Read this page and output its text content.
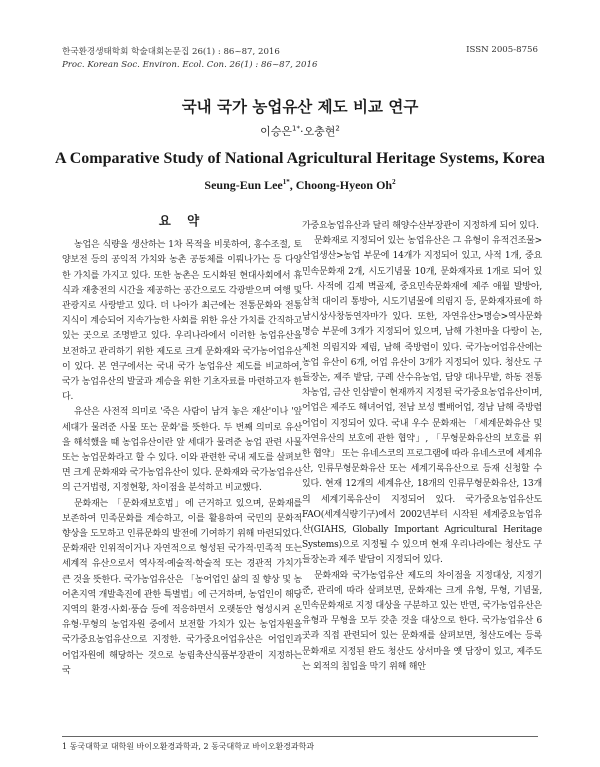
한국환경생태학회 학술대회논문집 26(1) : 86~87, 2016	ISSN 2005-8756
Proc. Korean Soc. Environ. Ecol. Con. 26(1) : 86~87, 2016
국내 국가 농업유산 제도 비교 연구
이승은$^{1*}$·오충현$^2$
A Comparative Study of National Agricultural Heritage Systems, Korea
Seung-Eun Lee$^{1*}$, Choong-Hyeon Oh$^2$
요 약

농업은 식량을 생산하는 1차 목적을 비롯하여, 홍수조절, 토양보전 등의 공익적 가치와 농촌 공동체를 이뤄나가는 등 다양한 가치를 가지고 있다. 또한 농촌은 도시화된 현대사회에서 휴식과 재충전의 시간을 제공하는 공간으로도 각광받으며 여행 및 관광지로 사랑받고 있다. 더 나아가 최근에는 전통문화와 전통지식이 계승되어 지속가능한 사회를 위한 유산 가치를 간직하고 있는 곳으로 조명받고 있다. 우리나라에서 이러한 농업유산을 보전하고 관리하기 위한 제도로 크게 문화재와 국가농어업유산이 있다. 본 연구에서는 국내 국가 농업유산 제도를 비교하여, 국가 농업유산의 발굴과 계승을 위한 기초자료를 마련하고자 한다.

유산은 사전적 의미로 '죽은 사람이 남겨 놓은 재산'이나 '앞 세대가 물려준 사물 또는 문화'를 뜻한다. 두 번째 의미로 유산을 해석했을 때 농업유산이란 앞 세대가 물려준 농업 관련 사물 또는 농업문화라고 할 수 있다. 이와 관련한 국내 제도를 살펴보면 크게 문화재와 국가농업유산이 있다. 문화재와 국가농업유산의 근거법령, 지정현황, 차이점을 분석하고 비교했다.

문화재는 「문화재보호법」에 근거하고 있으며, 문화재를 보존하여 민족문화를 계승하고, 이를 활용하여 국민의 문화적 향상을 도모하고 인류문화의 발전에 기여하기 위해 마련되었다. 문화재란 인위적이거나 자연적으로 형성된 국가적·민족적 또는 세계적 유산으로서 역사적·예술적·학술적 또는 경관적 가치가 큰 것을 뜻한다. 국가농업유산은 「농어업인 삶의 질 향상 및 농어촌지역 개발촉진에 관한 특별법」에 근거하며, 농업인이 해당 지역의 환경·사회·풍습 등에 적응하면서 오랫동안 형성시켜 온 유형·무형의 농업자원 중에서 보전할 가치가 있는 농업자원을 국가중요농업유산으로 지정한. 국가중요어업유산은 어업인과 어업자원에 해당하는 것으로 농림축산식품부장관이 지정하는 국

가중요농업유산과 달리 해양수산부장관이 지정하게 되어 있다.

문화재로 지정되어 있는 농업유산은 그 유형이 유적건조물>산업생산>농업 부문에 14개가 지정되어 있고, 사적 1개, 중요민속문화재 2개, 시도기념물 10개, 문화재자료 1개로 되어 있다. 사적에 김제 벽골제, 중요민속문화재에 제주 애월 발방아, 삼척 대이리 통방아, 시도기념물에 의림지 등, 문화재자료에 하남시상사창동연자마가 있다. 또한, 자연유산>명승>역사문화명승 부문에 3개가 지정되어 있으며, 남해 가천마을 다랑이 논, 제천 의림지와 제림, 남해 죽방렴이 있다. 국가농어업유산에는 농업 유산이 6개, 어업 유산이 3개가 지정되어 있다. 청산도 구들장논, 제주 밭담, 구례 산수유농업, 담양 대나무밭, 하동 전통 차농업, 금산 인삼밭이 현재까지 지정된 국가중요농업유산이며, 어업은 제주도 해녀어업, 전남 보성 뻘배어업, 경남 남해 죽방렴어업이 지정되어 있다. 국내 우수 문화재는 「세계문화유산 및 자연유산의 보호에 관한 협약」, 「무형문화유산의 보호를 위한 협약」 또는 유네스코의 프로그램에 따라 유네스코에 세계유산, 인류무형문화유산 또는 세계기록유산으로 등재 신청할 수 있다. 현재 12개의 세계유산, 18개의 인류무형문화유산, 13개의 세계기록유산이 지정되어 있다. 국가중요농업유산도 FAO(세계식량기구)에서 2002년부터 시작된 세계중요농업유산(GIAHS, Globally Important Agricultural Heritage Systems)으로 지정될 수 있으며 현재 우리나라에는 청산도 구들장논과 제주 밭담이 지정되어 있다.

문화재와 국가농업유산 제도의 차이점을 지정대상, 지정기준, 관리에 따라 살펴보면, 문화재는 크게 유형, 무형, 기념물, 민속문화재로 지정 대상을 구분하고 있는 반면, 국가농업유산은 유형과 무형을 모두 갖춘 것을 대상으로 한다. 국가농업유산 6곳과 직접 관련되어 있는 문화재를 살펴보면, 청산도에는 등록문화재로 지정된 완도 청산도 상서마을 옛 담장이 있고, 제주도는 외적의 침입을 막기 위해 해안

1 동국대학교 대학원 바이오환경과학과, 2 동국대학교 바이오환경과학과
